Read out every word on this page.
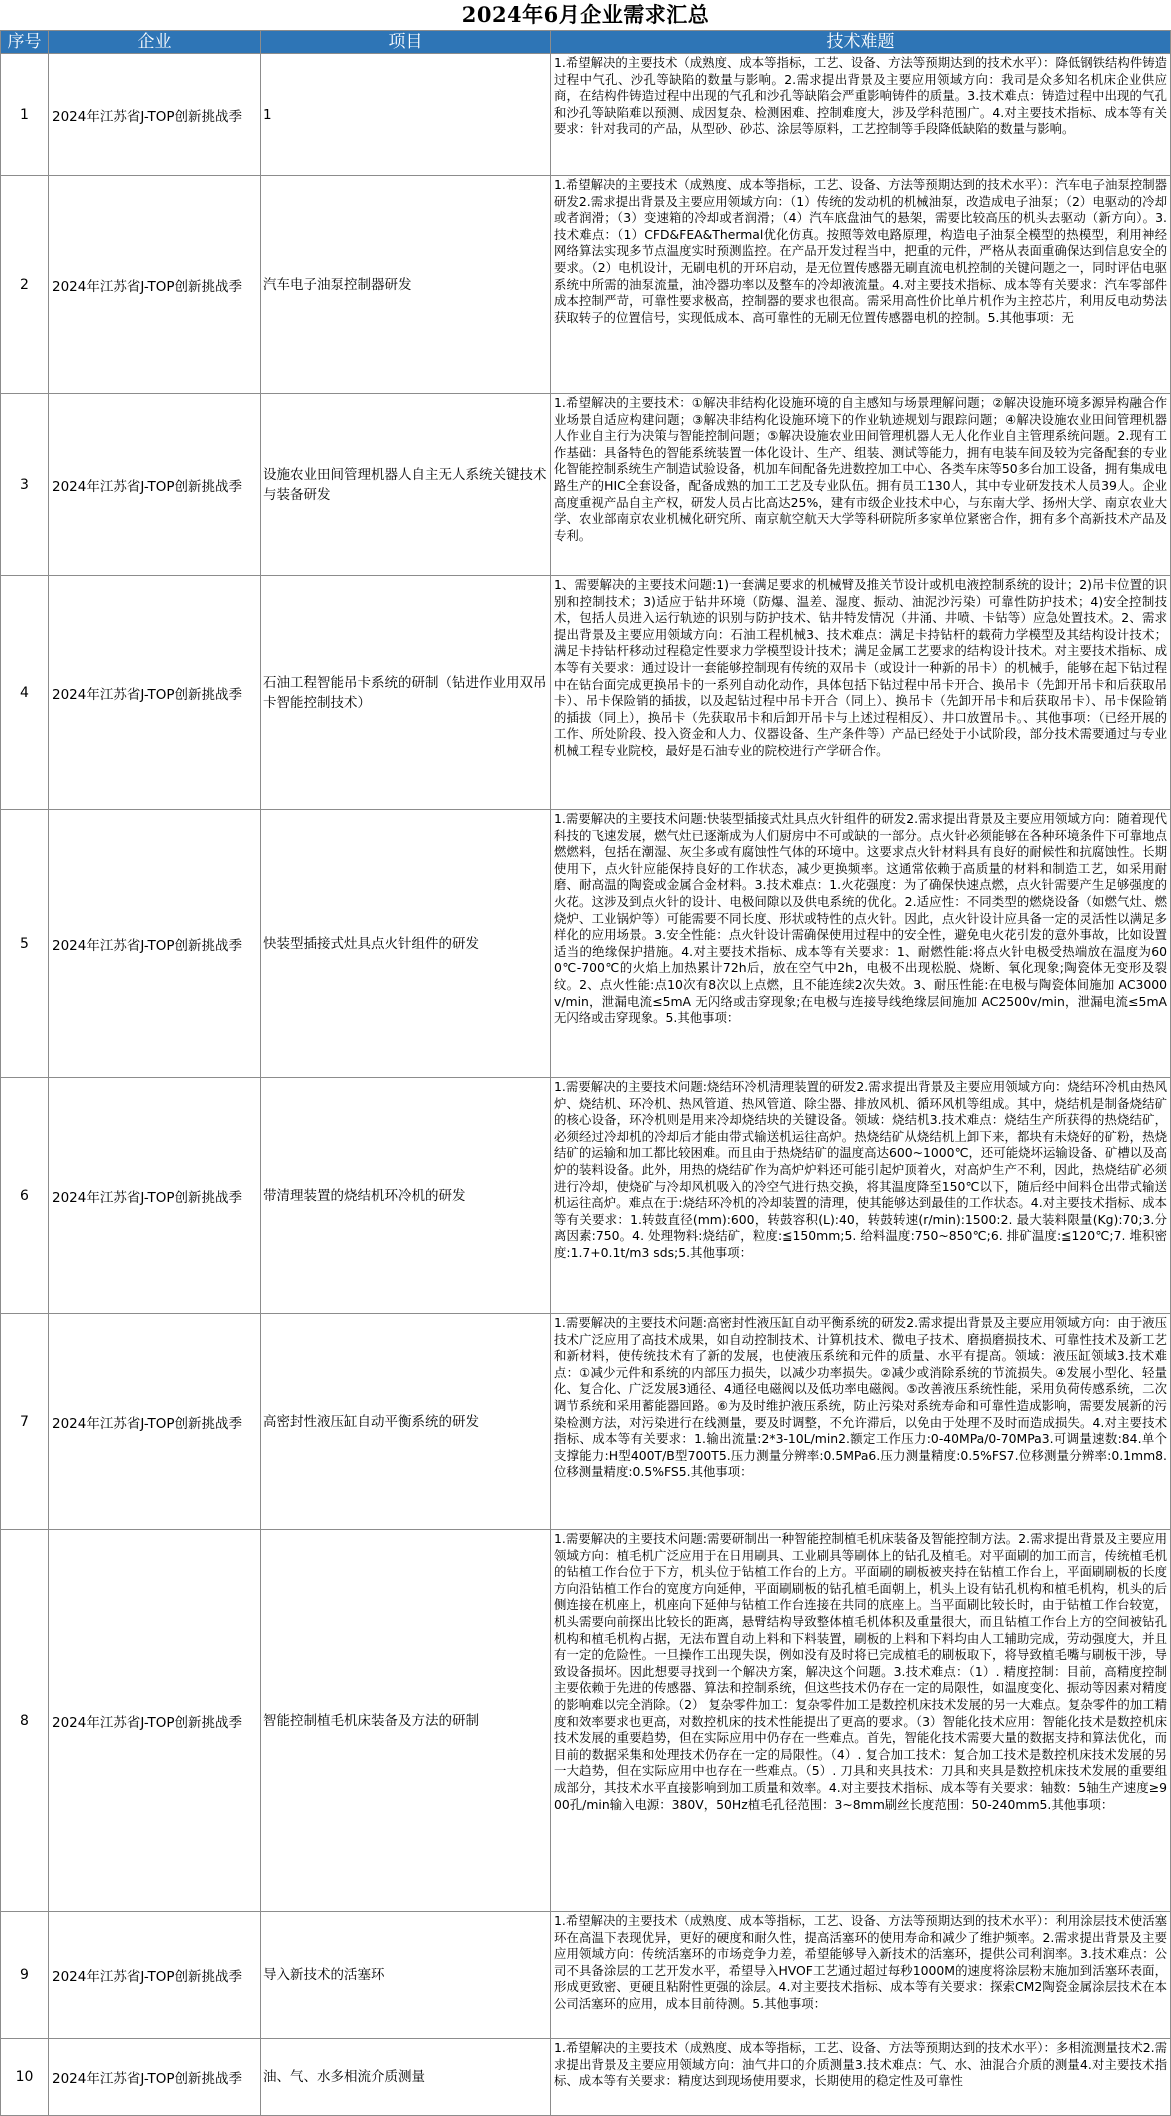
2024年6月企业需求汇总
序号	企业	项目	技术难题
1	2024年江苏省J-TOP创新挑战季	1	1.希望解决的主要技术（成熟度、成本等指标，工艺、设备、方法等预期达到的技术水平）：降低钢铁结构件铸造过程中气孔、沙孔等缺陷的数量与影响。2.需求提出背景及主要应用领域方向：我司是众多知名机床企业供应商，在结构件铸造过程中出现的气孔和沙孔等缺陷会严重影响铸件的质量。3.技术难点：铸造过程中出现的气孔和沙孔等缺陷难以预测、成因复杂、检测困难、控制难度大，涉及学科范围广。4.对主要技术指标、成本等有关要求：针对我司的产品，从型砂、砂芯、涂层等原料，工艺控制等手段降低缺陷的数量与影响。

2	2024年江苏省J-TOP创新挑战季	汽车电子油泵控制器研发	1.希望解决的主要技术（成熟度、成本等指标，工艺、设备、方法等预期达到的技术水平）：汽车电子油泵控制器研发2.需求提出背景及主要应用领域方向：（1）传统的发动机的机械油泵，改造成电子油泵；（2）电驱动的冷却或者润滑；（3）变速箱的冷却或者润滑；（4）汽车底盘油气的悬架，需要比较高压的机头去驱动（新方向）。3.技术难点：（1）CFD&FEA&Thermal优化仿真。按照等效电路原理，构造电子油泵全模型的热模型，利用神经网络算法实现多节点温度实时预测监控。在产品开发过程当中，把重的元件，严格从表面重确保达到信息安全的要求。（2）电机设计，无刷电机的开环启动，是无位置传感器无刷直流电机控制的关键问题之一，同时评估电驱系统中所需的油泵流量，油冷器功率以及整车的冷却液流量。4.对主要技术指标、成本等有关要求：汽车零部件成本控制严苛，可靠性要求极高，控制器的要求也很高。需采用高性价比单片机作为主控芯片，利用反电动势法获取转子的位置信号，实现低成本、高可靠性的无刷无位置传感器电机的控制。5.其他事项：无

3	2024年江苏省J-TOP创新挑战季	设施农业田间管理机器人自主无人系统关键技术与装备研发	1.希望解决的主要技术：①解决非结构化设施环境的自主感知与场景理解问题；②解决设施环境多源异构融合作业场景自适应构建问题；③解决非结构化设施环境下的作业轨迹规划与跟踪问题；④解决设施农业田间管理机器人作业自主行为决策与智能控制问题；⑤解决设施农业田间管理机器人无人化作业自主管理系统问题。2.现有工作基础：具备特色的智能系统装置一体化设计、生产、组装、测试等能力，拥有电装车间及较为完备配套的专业化智能控制系统生产制造试验设备，机加车间配备先进数控加工中心、各类车床等50多台加工设备，拥有集成电路生产的HIC全套设备，配备成熟的加工工艺及专业队伍。拥有员工130人，其中专业研发技术人员39人。企业高度重视产品自主产权，研发人员占比高达25%，建有市级企业技术中心，与东南大学、扬州大学、南京农业大学、农业部南京农业机械化研究所、南京航空航天大学等科研院所多家单位紧密合作，拥有多个高新技术产品及专利。

4	2024年江苏省J-TOP创新挑战季	石油工程智能吊卡系统的研制（钻进作业用双吊卡智能控制技术）	1、需要解决的主要技术问题:1)一套满足要求的机械臂及推关节设计或机电液控制系统的设计；2)吊卡位置的识别和控制技术；3)适应于钻井环境（防爆、温差、湿度、振动、油泥沙污染）可靠性防护技术；4)安全控制技术，包括人员进入运行轨迹的识别与防护技术、钻井特发情况（井涌、井喷、卡钻等）应急处置技术。2、需求提出背景及主要应用领域方向：石油工程机械3、技术难点：满足卡持钻杆的载荷力学模型及其结构设计技术；满足卡持钻杆移动过程稳定性要求力学模型设计技术；满足金属工艺要求的结构设计技术。对主要技术指标、成本等有关要求：通过设计一套能够控制现有传统的双吊卡（或设计一种新的吊卡）的机械手，能够在起下钻过程中在钻台面完成更换吊卡的一系列自动化动作，具体包括下钻过程中吊卡开合、换吊卡（先卸开吊卡和后获取吊卡）、吊卡保险销的插拔，以及起钻过程中吊卡开合（同上）、换吊卡（先卸开吊卡和后获取吊卡）、吊卡保险销的插拔（同上），换吊卡（先获取吊卡和后卸开吊卡与上述过程相反）、井口放置吊卡。、其他事项：（已经开展的工作、所处阶段、投入资金和人力、仪器设备、生产条件等）产品已经处于小试阶段，部分技术需要通过与专业机械工程专业院校，最好是石油专业的院校进行产学研合作。

5	2024年江苏省J-TOP创新挑战季	快装型插接式灶具点火针组件的研发	1.需要解决的主要技术问题:快装型插接式灶具点火针组件的研发2.需求提出背景及主要应用领域方向：随着现代科技的飞速发展，燃气灶已逐渐成为人们厨房中不可或缺的一部分。点火针必须能够在各种环境条件下可靠地点燃燃料，包括在潮湿、灰尘多或有腐蚀性气体的环境中。这要求点火针材料具有良好的耐候性和抗腐蚀性。长期使用下，点火针应能保持良好的工作状态，减少更换频率。这通常依赖于高质量的材料和制造工艺，如采用耐磨、耐高温的陶瓷或金属合金材料。3.技术难点：1.火花强度：为了确保快速点燃，点火针需要产生足够强度的火花。这涉及到点火针的设计、电极间隙以及供电系统的优化。2.适应性：不同类型的燃烧设备（如燃气灶、燃烧炉、工业锅炉等）可能需要不同长度、形状或特性的点火针。因此，点火针设计应具备一定的灵活性以满足多样化的应用场景。3.安全性能：点火针设计需确保使用过程中的安全性，避免电火花引发的意外事故，比如设置适当的绝缘保护措施。4.对主要技术指标、成本等有关要求：1、耐燃性能:将点火针电极受热端放在温度为600℃-700℃的火焰上加热累计72h后，放在空气中2h，电极不出现松脱、烧断、氧化现象;陶瓷体无变形及裂纹。2、点火性能:点10次有8次以上点燃，且不能连续2次失效。3、耐压性能:在电极与陶瓷体间施加 AC3000v/min，泄漏电流≤5mA 无闪络或击穿现象;在电极与连接导线绝缘层间施加 AC2500v/min，泄漏电流≤5mA 无闪络或击穿现象。5.其他事项：

6	2024年江苏省J-TOP创新挑战季	带清理装置的烧结机环冷机的研发	1.需要解决的主要技术问题:烧结环冷机清理装置的研发2.需求提出背景及主要应用领域方向：烧结环冷机由热风炉、烧结机、环冷机、热风管道、热风管道、除尘器、排放风机、循环风机等组成。其中，烧结机是制备烧结矿的核心设备，环冷机则是用来冷却烧结块的关键设备。领域：烧结机3.技术难点：烧结生产所获得的热烧结矿，必须经过冷却机的冷却后才能由带式输送机运往高炉。热烧结矿从烧结机上卸下来，都块有未烧好的矿粉，热烧结矿的运输和加工都比较困难。而且由于热烧结矿的温度高达600~1000℃，还可能烧坏运输设备、矿槽以及高炉的装料设备。此外，用热的烧结矿作为高炉炉料还可能引起炉顶着火，对高炉生产不利，因此，热烧结矿必须进行冷却，使烧矿与冷却风机吸入的冷空气进行热交换，将其温度降至150℃以下，随后经中间料仓出带式输送机运往高炉。难点在于:烧结环冷机的冷却装置的清理，使其能够达到最佳的工作状态。4.对主要技术指标、成本等有关要求：1.转鼓直径(mm):600，转鼓容积(L):40，转鼓转速(r/min):1500:2. 最大装料限量(Kg):70;3.分离因素:750。4. 处理物料:烧结矿，粒度:≦150mm;5. 给料温度:750~850℃;6. 排矿温度:≦120℃;7. 堆积密度:1.7+0.1t/m3 sds;5.其他事项：

7	2024年江苏省J-TOP创新挑战季	高密封性液压缸自动平衡系统的研发	1.需要解决的主要技术问题:高密封性液压缸自动平衡系统的研发2.需求提出背景及主要应用领域方向：由于液压技术广泛应用了高技术成果，如自动控制技术、计算机技术、微电子技术、磨损磨损技术、可靠性技术及新工艺和新材料，使传统技术有了新的发展，也使液压系统和元件的质量、水平有提高。领域：液压缸领域3.技术难点：①减少元件和系统的内部压力损失，以减少功率损失。②减少或消除系统的节流损失。④发展小型化、轻量化、复合化、广泛发展3通径、4通径电磁阀以及低功率电磁阀。⑤改善液压系统性能，采用负荷传感系统，二次调节系统和采用蓄能器回路。⑥为及时维护液压系统，防止污染对系统寿命和可靠性造成影响，需要发展新的污染检测方法，对污染进行在线测量，要及时调整，不允许滞后，以免由于处理不及时而造成损失。4.对主要技术指标、成本等有关要求：1.输出流量:2*3-10L/min2.额定工作压力:0-40MPa/0-70MPa3.可调量速数:84.单个支撑能力:H型400T/B型700T5.压力测量分辨率:0.5MPa6.压力测量精度:0.5%FS7.位移测量分辨率:0.1mm8.位移测量精度:0.5%FS5.其他事项：

8	2024年江苏省J-TOP创新挑战季	智能控制植毛机床装备及方法的研制	1.需要解决的主要技术问题:需要研制出一种智能控制植毛机床装备及智能控制方法。2.需求提出背景及主要应用领域方向：植毛机广泛应用于在日用刷具、工业刷具等刷体上的钻孔及植毛。对平面刷的加工而言，传统植毛机的钻植工作台位于下方，机头位于钻植工作台的上方。平面刷的刷板被夹持在钻植工作台上，平面刷刷板的长度方向沿钻植工作台的宽度方向延伸，平面刷刷板的钻孔植毛面朝上，机头上设有钻孔机构和植毛机构，机头的后侧连接在机座上，机座向下延伸与钻植工作台连接在共同的底座上。当平面刷比较长时，由于钻植工作台较宽，机头需要向前探出比较长的距离，悬臂结构导致整体植毛机体积及重量很大，而且钻植工作台上方的空间被钻孔机构和植毛机构占据，无法布置自动上料和下料装置，刷板的上料和下料均由人工辅助完成，劳动强度大，并且有一定的危险性。一旦操作工出现失误，例如没有及时将已完成植毛的刷板取下，将导致植毛嘴与刷板干涉，导致设备损坏。因此想要寻找到一个解决方案，解决这个问题。3.技术难点：（1）. 精度控制：目前，高精度控制主要依赖于先进的传感器、算法和控制系统，但这些技术仍存在一定的局限性，如温度变化、振动等因素对精度的影响难以完全消除。（2） 复杂零件加工：复杂零件加工是数控机床技术发展的另一大难点。复杂零件的加工精度和效率要求也更高，对数控机床的技术性能提出了更高的要求。（3）智能化技术应用：智能化技术是数控机床技术发展的重要趋势，但在实际应用中仍存在一些难点。首先，智能化技术需要大量的数据支持和算法优化，而目前的数据采集和处理技术仍存在一定的局限性。（4）. 复合加工技术：复合加工技术是数控机床技术发展的另一大趋势，但在实际应用中也存在一些难点。（5）. 刀具和夹具技术：刀具和夹具是数控机床技术发展的重要组成部分，其技术水平直接影响到加工质量和效率。4.对主要技术指标、成本等有关要求：轴数：5轴生产速度≥900孔/min输入电源：380V，50Hz植毛孔径范围：3~8mm刷丝长度范围：50-240mm5.其他事项：

9	2024年江苏省J-TOP创新挑战季	导入新技术的活塞环	1.希望解决的主要技术（成熟度、成本等指标，工艺、设备、方法等预期达到的技术水平）：利用涂层技术使活塞环在高温下表现优异，更好的硬度和耐久性，提高活塞环的使用寿命和减少了维护频率。2.需求提出背景及主要应用领域方向：传统活塞环的市场竞争力差，希望能够导入新技术的活塞环，提供公司利润率。3.技术难点：公司不具备涂层的工艺开发水平，希望导入HVOF工艺通过超过每秒1000M的速度将涂层粉末施加到活塞环表面，形成更致密、更硬且粘附性更强的涂层。4.对主要技术指标、成本等有关要求：探索CM2陶瓷金属涂层技术在本公司活塞环的应用，成本目前待测。5.其他事项：

10	2024年江苏省J-TOP创新挑战季	油、气、水多相流介质测量	1.希望解决的主要技术（成熟度、成本等指标，工艺、设备、方法等预期达到的技术水平）：多相流测量技术2.需求提出背景及主要应用领域方向：油气井口的介质测量3.技术难点：气、水、油混合介质的测量4.对主要技术指标、成本等有关要求：精度达到现场使用要求，长期使用的稳定性及可靠性
